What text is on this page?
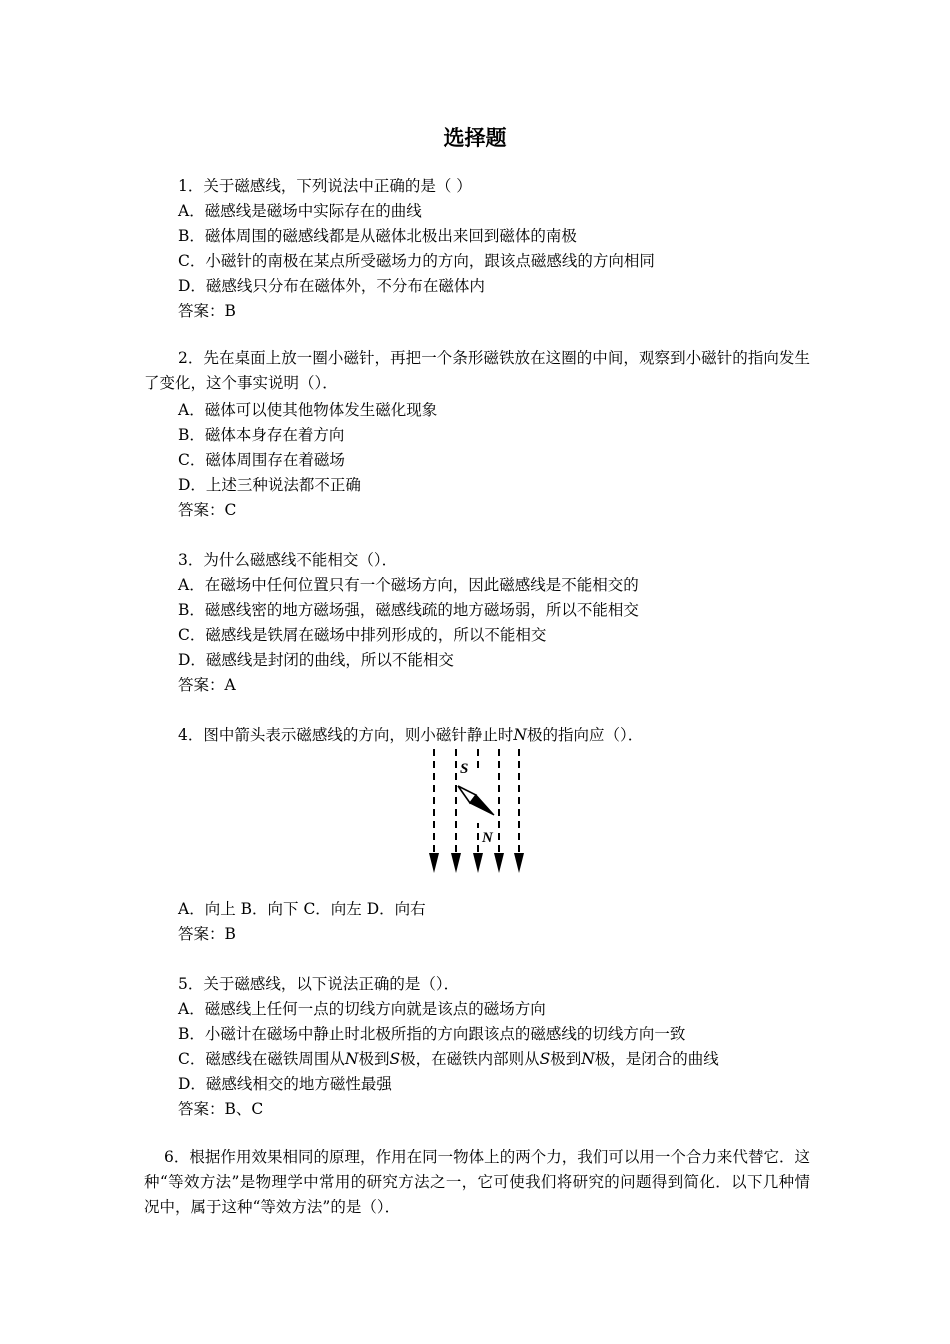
选择题
1．关于磁感线，下列说法中正确的是（ ）
A．磁感线是磁场中实际存在的曲线
B．磁体周围的磁感线都是从磁体北极出来回到磁体的南极
C．小磁针的南极在某点所受磁场力的方向，跟该点磁感线的方向相同
D．磁感线只分布在磁体外，不分布在磁体内
答案：B
2．先在桌面上放一圈小磁针，再把一个条形磁铁放在这圈的中间，观察到小磁针的指向发生了变化，这个事实说明（）．
A．磁体可以使其他物体发生磁化现象
B．磁体本身存在着方向
C．磁体周围存在着磁场
D．上述三种说法都不正确
答案：C
3．为什么磁感线不能相交（）．
A．在磁场中任何位置只有一个磁场方向，因此磁感线是不能相交的
B．磁感线密的地方磁场强，磁感线疏的地方磁场弱，所以不能相交
C．磁感线是铁屑在磁场中排列形成的，所以不能相交
D．磁感线是封闭的曲线，所以不能相交
答案：A
4．图中箭头表示磁感线的方向，则小磁针静止时N极的指向应（）．
S
N
A．向上 B．向下 C．向左 D．向右
答案：B
5．关于磁感线，以下说法正确的是（）．
A．磁感线上任何一点的切线方向就是该点的磁场方向
B．小磁计在磁场中静止时北极所指的方向跟该点的磁感线的切线方向一致
C．磁感线在磁铁周围从N极到S极，在磁铁内部则从S极到N极，是闭合的曲线
D．磁感线相交的地方磁性最强
答案：B、C
6．根据作用效果相同的原理，作用在同一物体上的两个力，我们可以用一个合力来代替它．这种“等效方法”是物理学中常用的研究方法之一，它可使我们将研究的问题得到简化．以下几种情况中，属于这种“等效方法”的是（）．
